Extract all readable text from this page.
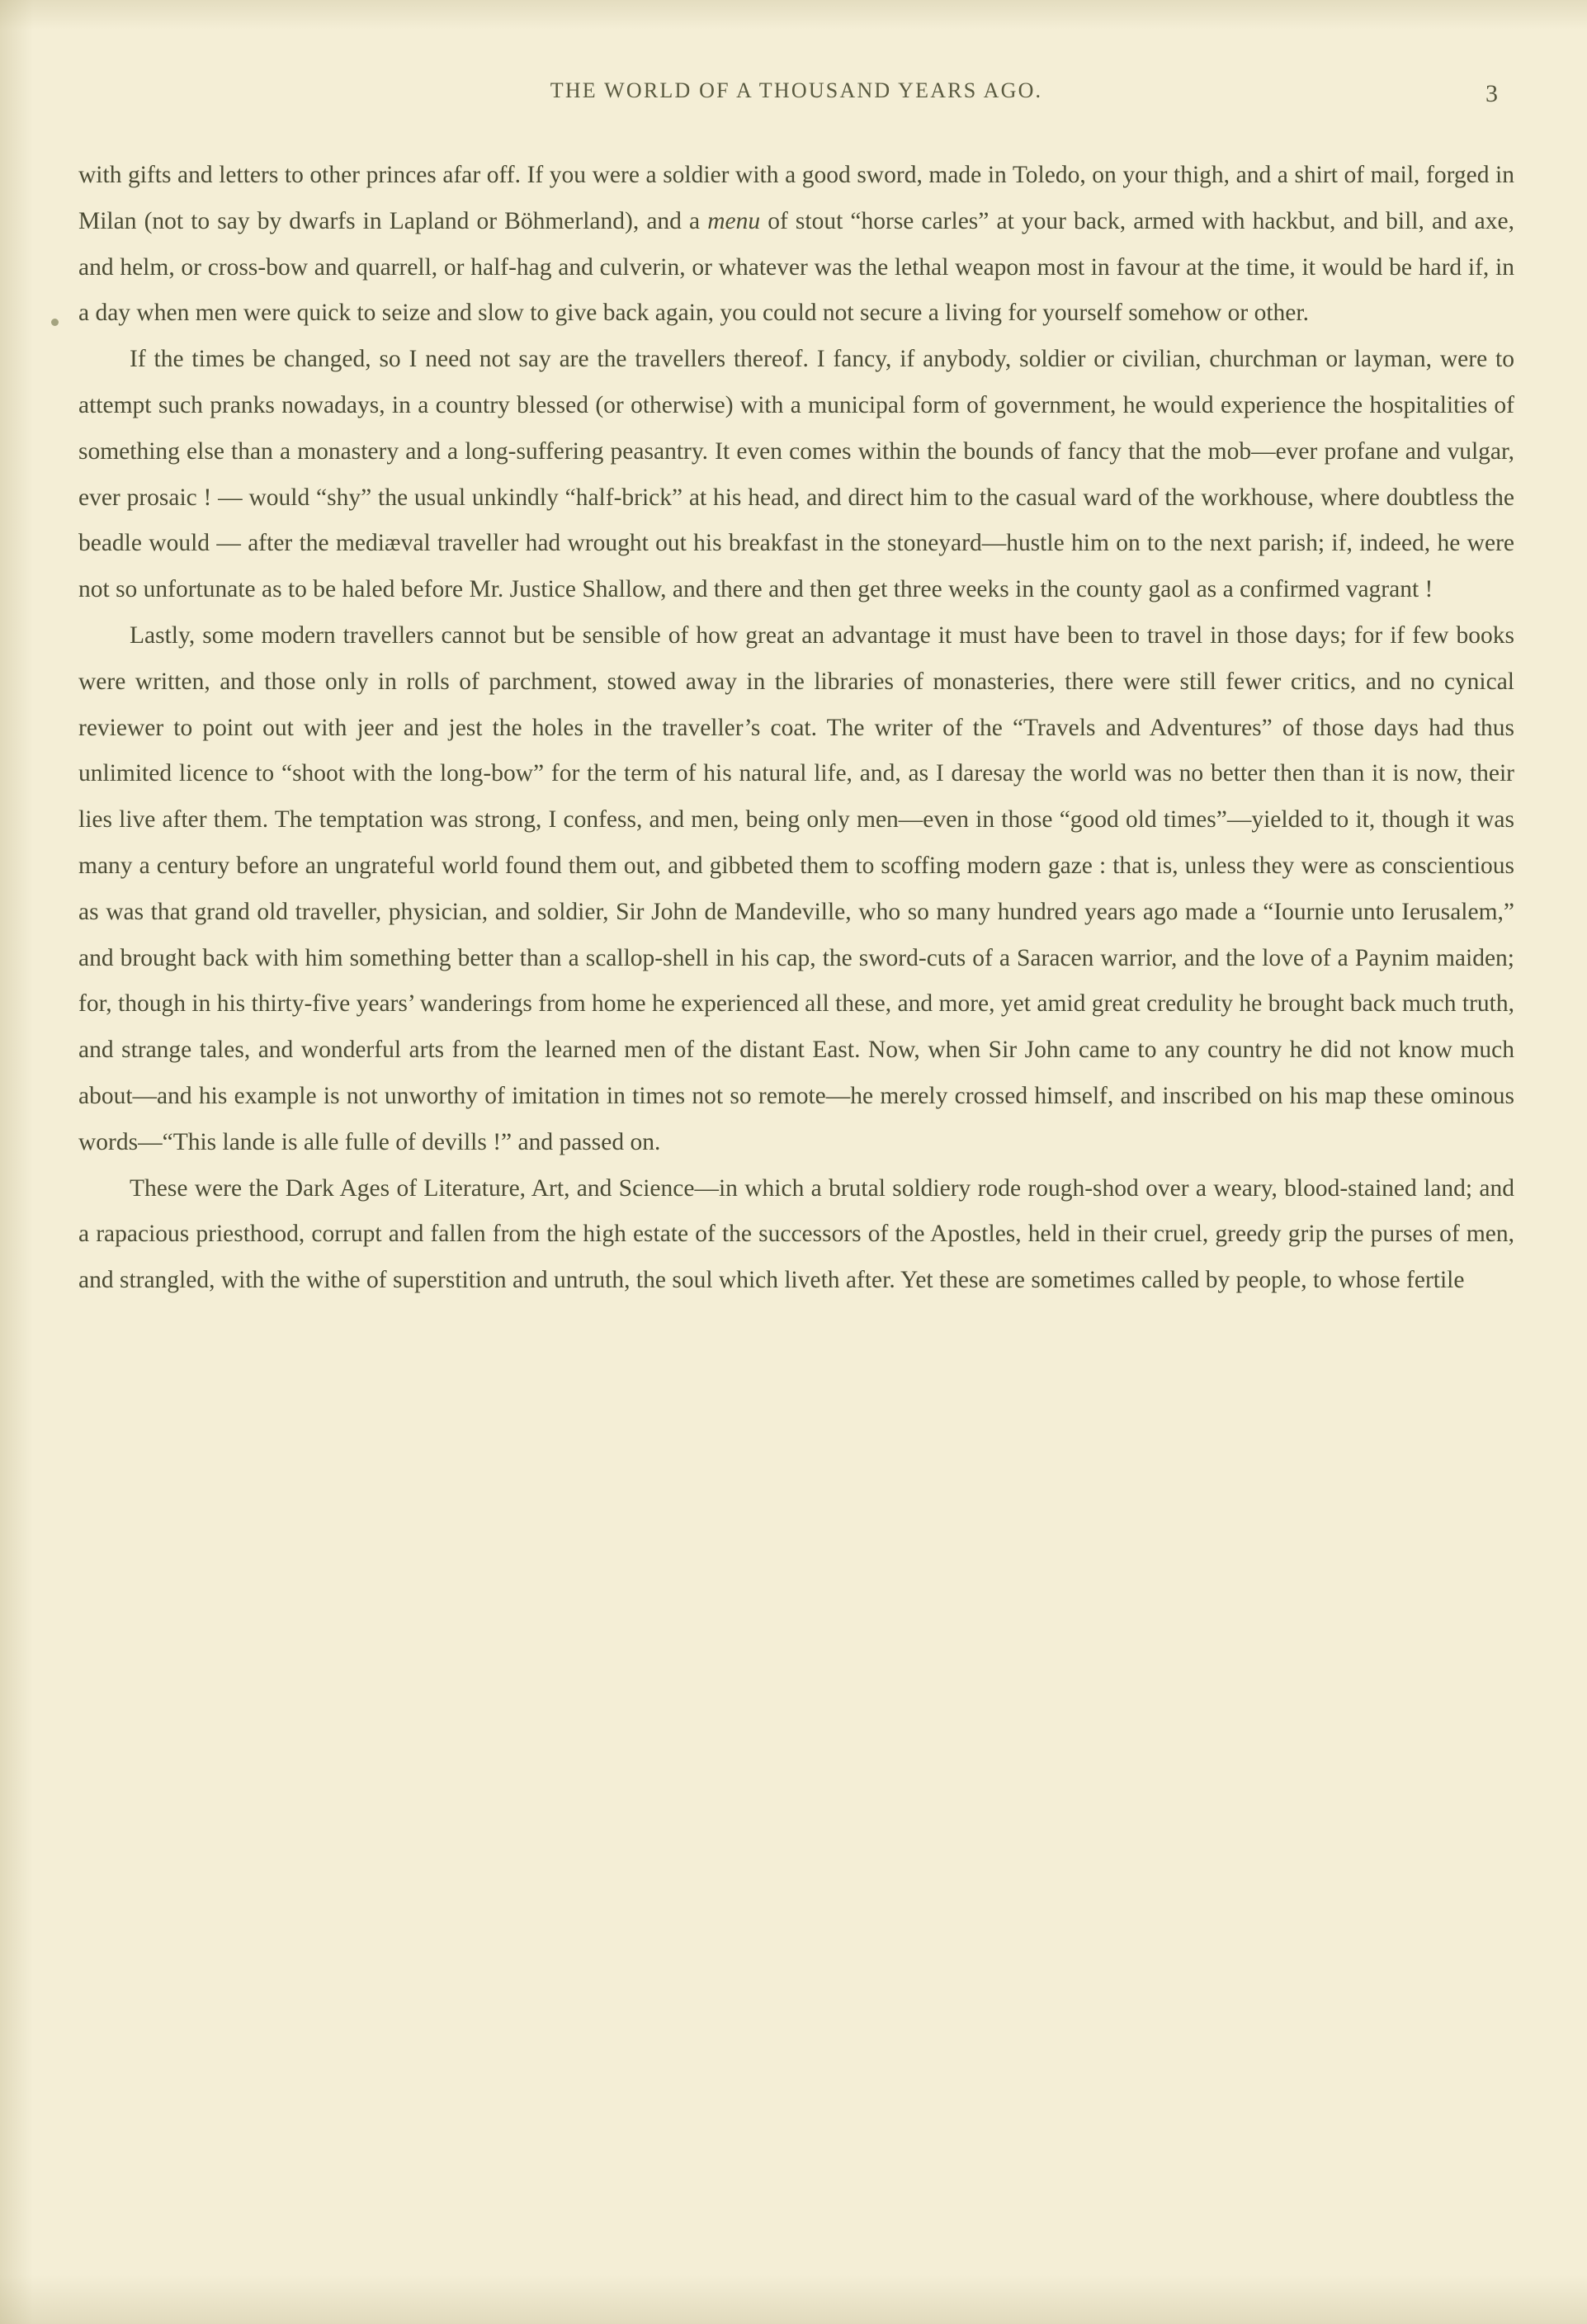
THE WORLD OF A THOUSAND YEARS AGO.	3

with gifts and letters to other princes afar off. If you were a soldier with a good sword, made in Toledo, on your thigh, and a shirt of mail, forged in Milan (not to say by dwarfs in Lapland or Böhmerland), and a menu of stout “horse carles” at your back, armed with hackbut, and bill, and axe, and helm, or cross-bow and quarrell, or half-hag and culverin, or whatever was the lethal weapon most in favour at the time, it would be hard if, in a day when men were quick to seize and slow to give back again, you could not secure a living for yourself somehow or other.

If the times be changed, so I need not say are the travellers thereof. I fancy, if anybody, soldier or civilian, churchman or layman, were to attempt such pranks nowadays, in a country blessed (or otherwise) with a municipal form of government, he would experience the hospitalities of something else than a monastery and a long-suffering peasantry. It even comes within the bounds of fancy that the mob—ever profane and vulgar, ever prosaic ! — would “shy” the usual unkindly “half-brick” at his head, and direct him to the casual ward of the workhouse, where doubtless the beadle would — after the mediæval traveller had wrought out his breakfast in the stoneyard—hustle him on to the next parish; if, indeed, he were not so unfortunate as to be haled before Mr. Justice Shallow, and there and then get three weeks in the county gaol as a confirmed vagrant !

Lastly, some modern travellers cannot but be sensible of how great an advantage it must have been to travel in those days; for if few books were written, and those only in rolls of parchment, stowed away in the libraries of monasteries, there were still fewer critics, and no cynical reviewer to point out with jeer and jest the holes in the traveller’s coat. The writer of the “Travels and Adventures” of those days had thus unlimited licence to “shoot with the long-bow” for the term of his natural life, and, as I daresay the world was no better then than it is now, their lies live after them. The temptation was strong, I confess, and men, being only men—even in those “good old times”—yielded to it, though it was many a century before an ungrateful world found them out, and gibbeted them to scoffing modern gaze : that is, unless they were as conscientious as was that grand old traveller, physician, and soldier, Sir John de Mandeville, who so many hundred years ago made a “Iournie unto Ierusalem,” and brought back with him something better than a scallop-shell in his cap, the sword-cuts of a Saracen warrior, and the love of a Paynim maiden; for, though in his thirty-five years’ wanderings from home he experienced all these, and more, yet amid great credulity he brought back much truth, and strange tales, and wonderful arts from the learned men of the distant East. Now, when Sir John came to any country he did not know much about—and his example is not unworthy of imitation in times not so remote—he merely crossed himself, and inscribed on his map these ominous words—“This lande is alle fulle of devills !” and passed on.

These were the Dark Ages of Literature, Art, and Science—in which a brutal soldiery rode rough-shod over a weary, blood-stained land; and a rapacious priesthood, corrupt and fallen from the high estate of the successors of the Apostles, held in their cruel, greedy grip the purses of men, and strangled, with the withe of superstition and untruth, the soul which liveth after. Yet these are sometimes called by people, to whose fertile
